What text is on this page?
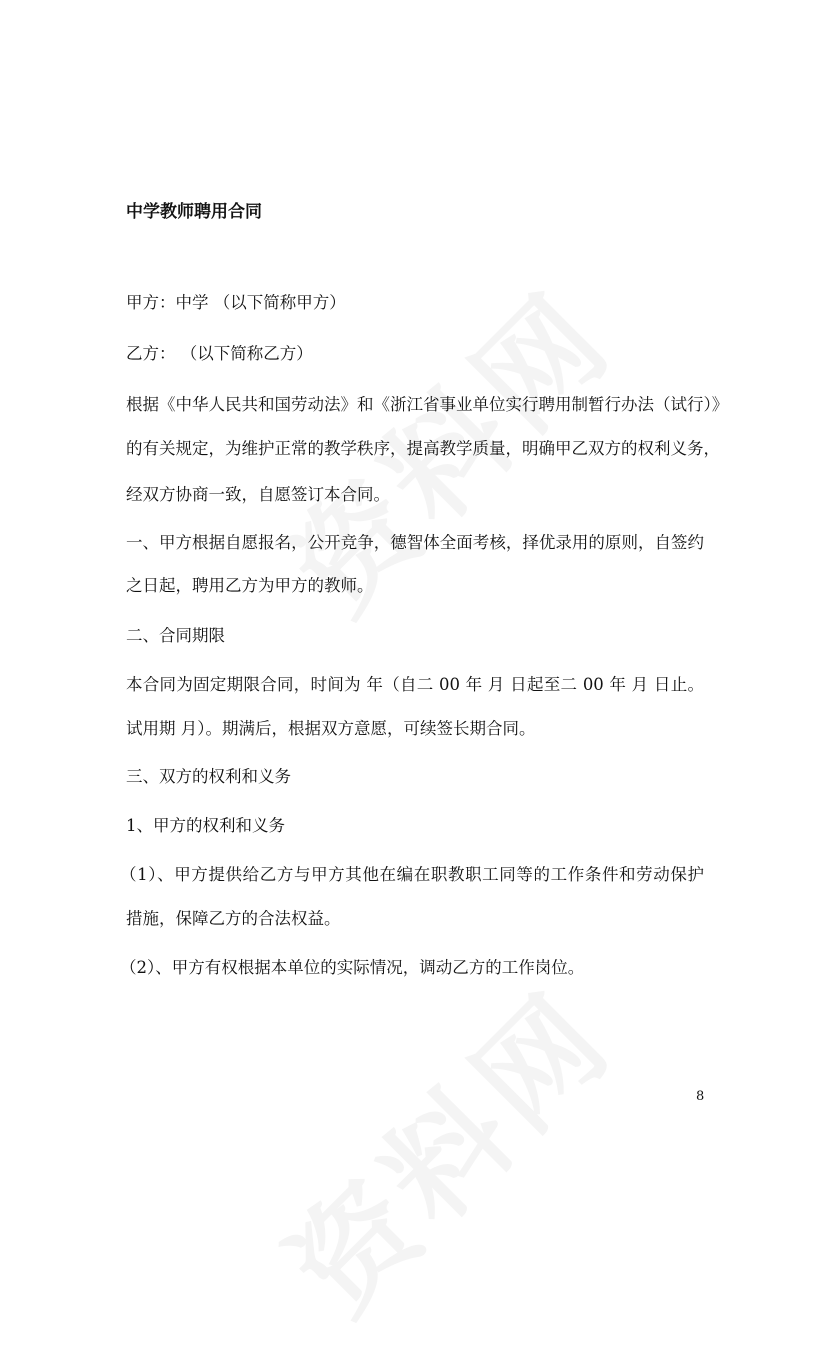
中学教师聘用合同

甲方：中学 （以下简称甲方）

乙方： （以下简称乙方）

根据《中华人民共和国劳动法》和《浙江省事业单位实行聘用制暂行办法（试行）》

的有关规定，为维护正常的教学秩序，提高教学质量，明确甲乙双方的权利义务，

经双方协商一致，自愿签订本合同。

一、甲方根据自愿报名，公开竞争，德智体全面考核，择优录用的原则，自签约

之日起，聘用乙方为甲方的教师。

二、合同期限

本合同为固定期限合同，时间为 年（自二 00 年 月 日起至二 00 年 月 日止。

试用期 月）。期满后，根据双方意愿，可续签长期合同。

三、双方的权利和义务

1、甲方的权利和义务

（1）、甲方提供给乙方与甲方其他在编在职教职工同等的工作条件和劳动保护

措施，保障乙方的合法权益。

（2）、甲方有权根据本单位的实际情况，调动乙方的工作岗位。

8
